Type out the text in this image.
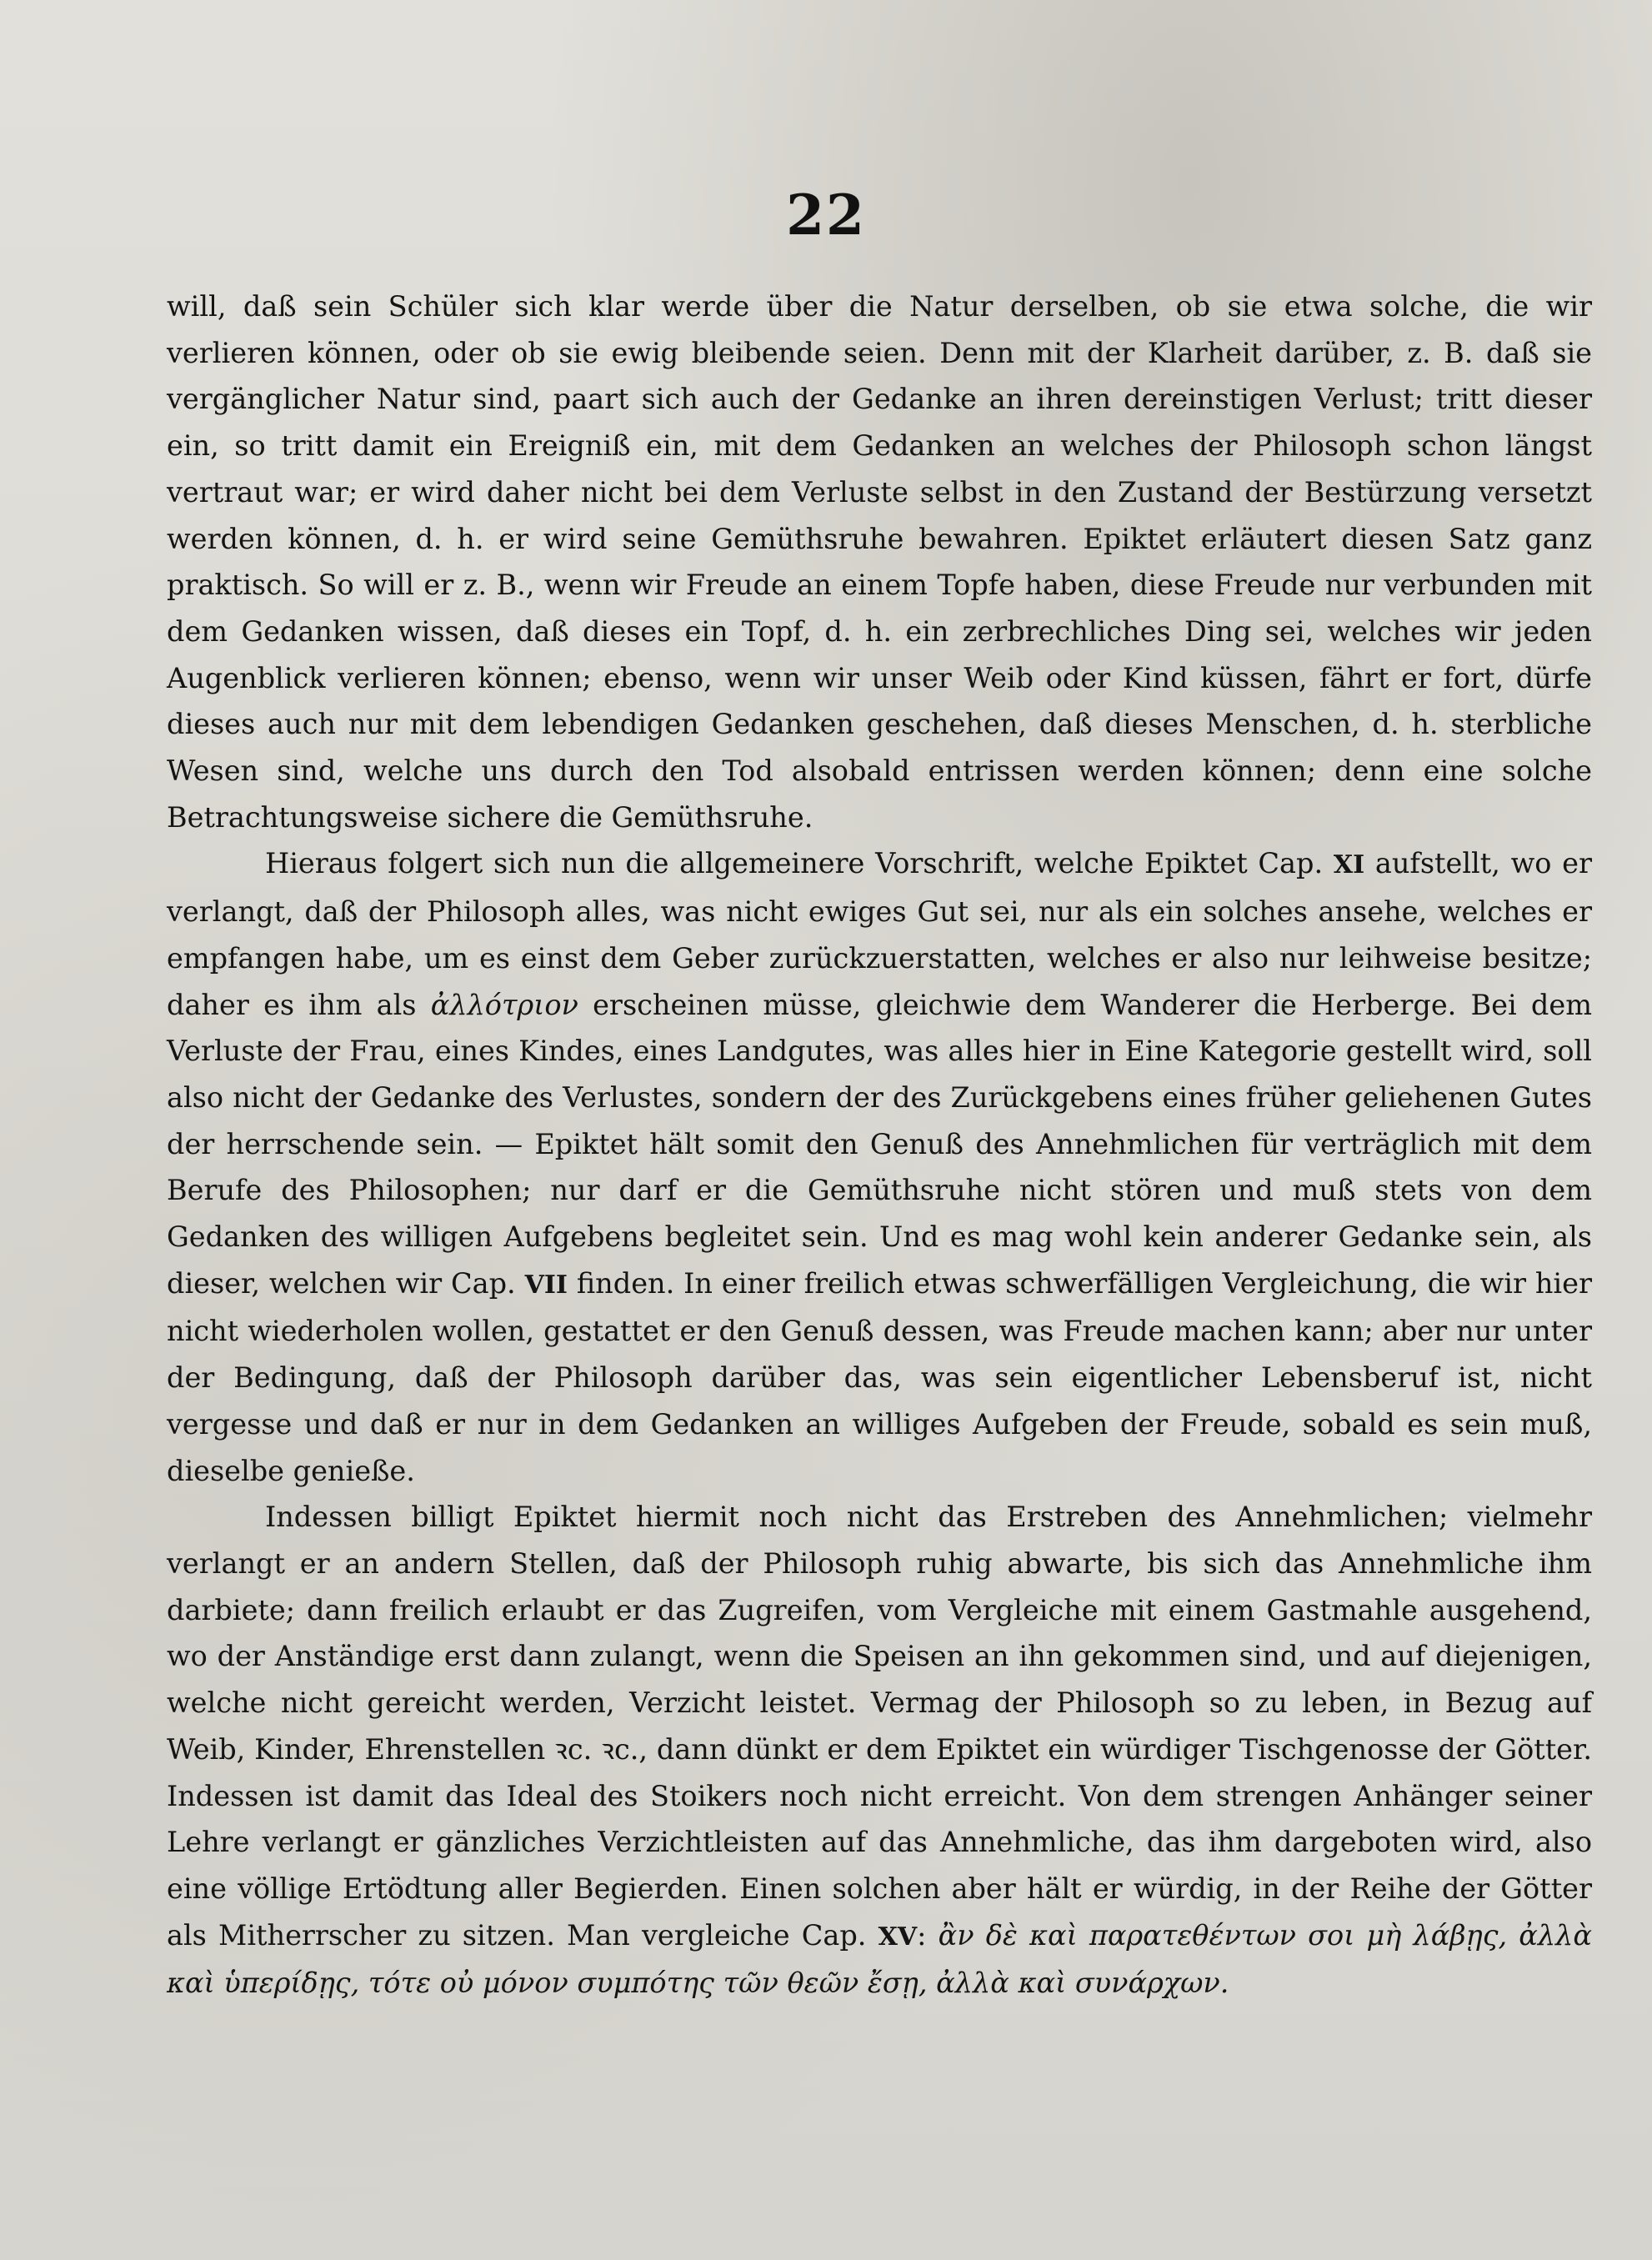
22

will, daß sein Schüler sich klar werde über die Natur derselben, ob sie etwa solche, die wir verlieren können, oder ob sie ewig bleibende seien. Denn mit der Klarheit darüber, z. B. daß sie vergänglicher Natur sind, paart sich auch der Gedanke an ihren dereinstigen Verlust; tritt dieser ein, so tritt damit ein Ereigniß ein, mit dem Gedanken an welches der Philosoph schon längst vertraut war; er wird daher nicht bei dem Verluste selbst in den Zustand der Bestürzung versetzt werden können, d. h. er wird seine Gemüthsruhe bewahren. Epiktet erläutert diesen Satz ganz praktisch. So will er z. B., wenn wir Freude an einem Topfe haben, diese Freude nur verbunden mit dem Gedanken wissen, daß dieses ein Topf, d. h. ein zerbrechliches Ding sei, welches wir jeden Augenblick verlieren können; ebenso, wenn wir unser Weib oder Kind küssen, fährt er fort, dürfe dieses auch nur mit dem lebendigen Gedanken geschehen, daß dieses Menschen, d. h. sterbliche Wesen sind, welche uns durch den Tod alsobald entrissen werden können; denn eine solche Betrachtungsweise sichere die Gemüthsruhe.

Hieraus folgert sich nun die allgemeinere Vorschrift, welche Epiktet Cap. XI aufstellt, wo er verlangt, daß der Philosoph alles, was nicht ewiges Gut sei, nur als ein solches ansehe, welches er empfangen habe, um es einst dem Geber zurückzuerstatten, welches er also nur leihweise besitze; daher es ihm als ἀλλότριον erscheinen müsse, gleichwie dem Wanderer die Herberge. Bei dem Verluste der Frau, eines Kindes, eines Landgutes, was alles hier in Eine Kategorie gestellt wird, soll also nicht der Gedanke des Verlustes, sondern der des Zurückgebens eines früher geliehenen Gutes der herrschende sein. — Epiktet hält somit den Genuß des Annehmlichen für verträglich mit dem Berufe des Philosophen; nur darf er die Gemüthsruhe nicht stören und muß stets von dem Gedanken des willigen Aufgebens begleitet sein. Und es mag wohl kein anderer Gedanke sein, als dieser, welchen wir Cap. VII finden. In einer freilich etwas schwerfälligen Vergleichung, die wir hier nicht wiederholen wollen, gestattet er den Genuß dessen, was Freude machen kann; aber nur unter der Bedingung, daß der Philosoph darüber das, was sein eigentlicher Lebensberuf ist, nicht vergesse und daß er nur in dem Gedanken an williges Aufgeben der Freude, sobald es sein muß, dieselbe genieße.

Indessen billigt Epiktet hiermit noch nicht das Erstreben des Annehmlichen; vielmehr verlangt er an andern Stellen, daß der Philosoph ruhig abwarte, bis sich das Annehmliche ihm darbiete; dann freilich erlaubt er das Zugreifen, vom Vergleiche mit einem Gastmahle ausgehend, wo der Anständige erst dann zulangt, wenn die Speisen an ihn gekommen sind, und auf diejenigen, welche nicht gereicht werden, Verzicht leistet. Vermag der Philosoph so zu leben, in Bezug auf Weib, Kinder, Ehrenstellen ꝛc. ꝛc., dann dünkt er dem Epiktet ein würdiger Tischgenosse der Götter. Indessen ist damit das Ideal des Stoikers noch nicht erreicht. Von dem strengen Anhänger seiner Lehre verlangt er gänzliches Verzichtleisten auf das Annehmliche, das ihm dargeboten wird, also eine völlige Ertödtung aller Begierden. Einen solchen aber hält er würdig, in der Reihe der Götter als Mitherrscher zu sitzen. Man vergleiche Cap. XV: ἂν δὲ καὶ παρατεθέντων σοι μὴ λάβῃς, ἀλλὰ καὶ ὑπερίδῃς, τότε οὐ μόνον συμπότης τῶν θεῶν ἔσῃ, ἀλλὰ καὶ συνάρχων.
